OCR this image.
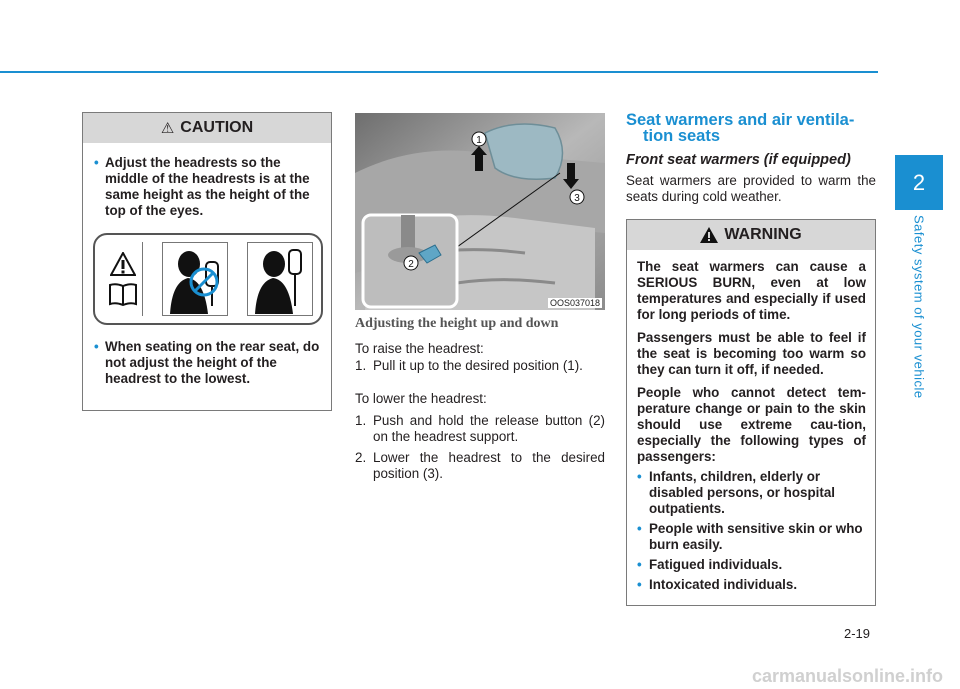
2
Safety system of your vehicle
⚠ CAUTION
• Adjust the headrests so the middle of the headrests is at the same height as the height of the top of the eyes.
• When seating on the rear seat, do not adjust the height of the headrest to the lowest.
1
3
2
OOS037018
Adjusting the height up and down
To raise the headrest:
1. Pull it up to the desired position (1).
To lower the headrest:
1. Push and hold the release button (2) on the headrest support.
2. Lower the headrest to the desired position (3).
Seat warmers and air ventila-
tion seats
Front seat warmers (if equipped)
Seat warmers are provided to warm the seats during cold weather.
WARNING

The seat warmers can cause a SERIOUS BURN, even at low temperatures and especially if used for long periods of time.

Passengers must be able to feel if the seat is becoming too warm so they can turn it off, if needed.

People who cannot detect tem-perature change or pain to the skin should use extreme cau-tion, especially the following types of passengers:

• Infants, children, elderly or disabled persons, or hospital outpatients.
• People with sensitive skin or who burn easily.
• Fatigued individuals.
• Intoxicated individuals.
2-19
carmanualsonline.info
